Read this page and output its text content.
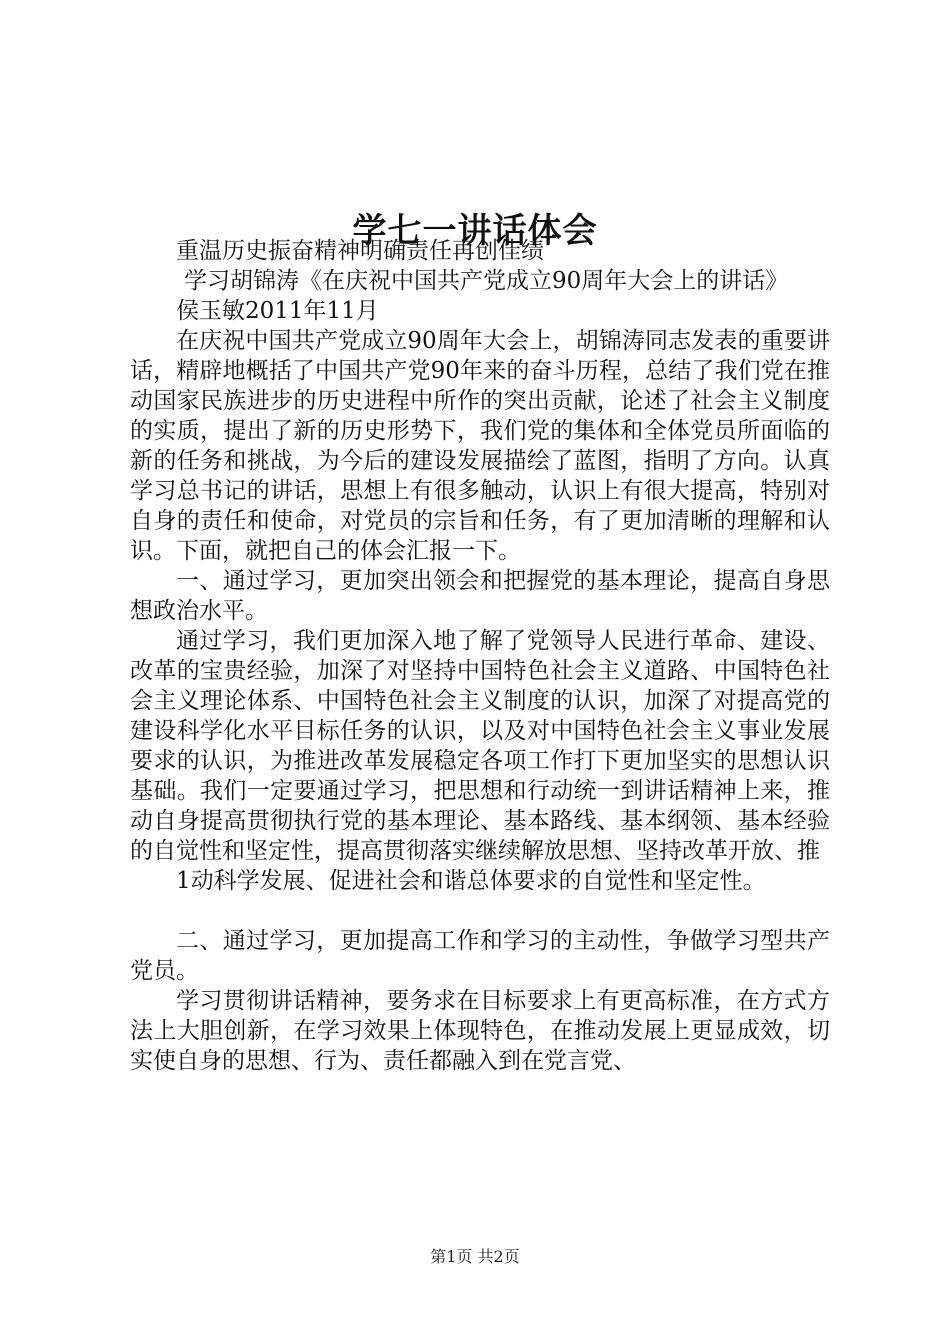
学七一讲话体会

重温历史振奋精神明确责任再创佳绩

学习胡锦涛《在庆祝中国共产党成立90周年大会上的讲话》

侯玉敏2011年11月

在庆祝中国共产党成立90周年大会上，胡锦涛同志发表的重要讲话，精辟地概括了中国共产党90年来的奋斗历程，总结了我们党在推动国家民族进步的历史进程中所作的突出贡献，论述了社会主义制度的实质，提出了新的历史形势下，我们党的集体和全体党员所面临的新的任务和挑战，为今后的建设发展描绘了蓝图，指明了方向。认真学习总书记的讲话，思想上有很多触动，认识上有很大提高，特别对自身的责任和使命，对党员的宗旨和任务，有了更加清晰的理解和认识。下面，就把自己的体会汇报一下。

一、通过学习，更加突出领会和把握党的基本理论，提高自身思想政治水平。

通过学习，我们更加深入地了解了党领导人民进行革命、建设、改革的宝贵经验，加深了对坚持中国特色社会主义道路、中国特色社会主义理论体系、中国特色社会主义制度的认识，加深了对提高党的建设科学化水平目标任务的认识，以及对中国特色社会主义事业发展要求的认识，为推进改革发展稳定各项工作打下更加坚实的思想认识基础。我们一定要通过学习，把思想和行动统一到讲话精神上来，推动自身提高贯彻执行党的基本理论、基本路线、基本纲领、基本经验的自觉性和坚定性，提高贯彻落实继续解放思想、坚持改革开放、推

1动科学发展、促进社会和谐总体要求的自觉性和坚定性。

二、通过学习，更加提高工作和学习的主动性，争做学习型共产党员。

学习贯彻讲话精神，要务求在目标要求上有更高标准，在方式方法上大胆创新，在学习效果上体现特色，在推动发展上更显成效，切实使自身的思想、行为、责任都融入到在党言党、

第1页 共2页
